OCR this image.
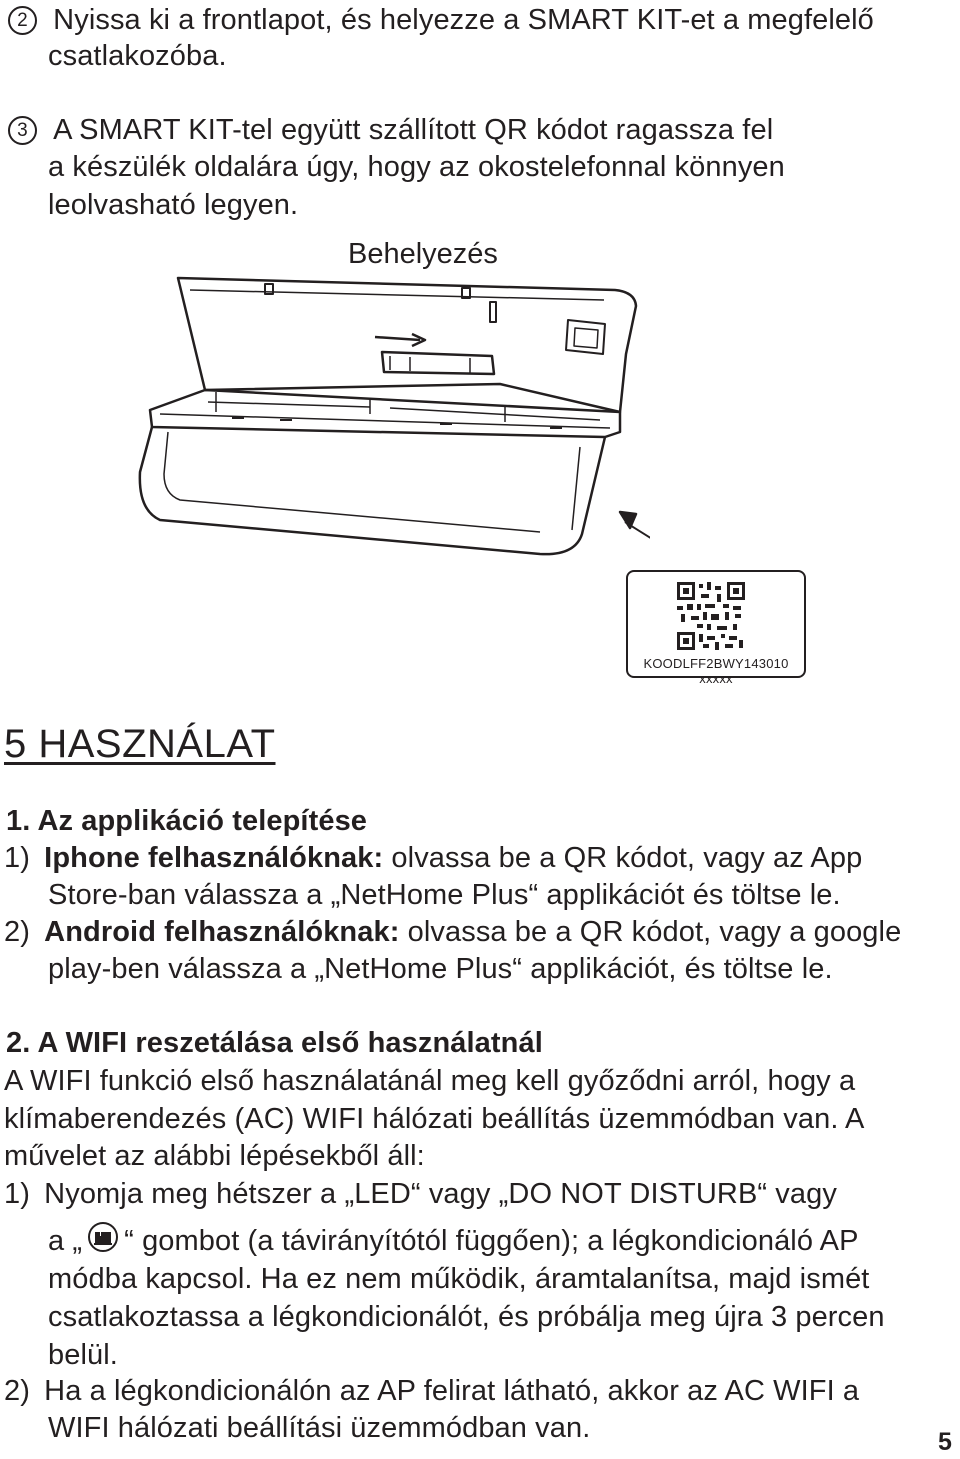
2 Nyissa ki a frontlapot, és helyezze a SMART KIT-et a megfelelő
csatlakozóba.
3 A SMART KIT-tel együtt szállított QR kódot ragassza fel
a készülék oldalára úgy, hogy az okostelefonnal könnyen
leolvasható legyen.
Behelyezés
KOODLFF2BWY143010 xxxxx
5 HASZNÁLAT
1. Az applikáció telepítése
1) Iphone felhasználóknak: olvassa be a QR kódot, vagy az App
Store-ban válassza a „NetHome Plus“ applikációt és töltse le.
2) Android felhasználóknak: olvassa be a QR kódot, vagy a google
play-ben válassza a „NetHome Plus“ applikációt, és töltse le.
2. A WIFI reszetálása első használatnál
A WIFI funkció első használatánál meg kell győződni arról, hogy a
klímaberendezés (AC) WIFI hálózati beállítás üzemmódban van. A
művelet az alábbi lépésekből áll:
1) Nyomja meg hétszer a „LED“ vagy „DO NOT DISTURB“ vagy
a „ “ gombot (a távirányítótól függően); a légkondicionáló AP
módba kapcsol. Ha ez nem működik, áramtalanítsa, majd ismét
csatlakoztassa a légkondicionálót, és próbálja meg újra 3 percen
belül.
2) Ha a légkondicionálón az AP felirat látható, akkor az AC WIFI a
WIFI hálózati beállítási üzemmódban van.	5
